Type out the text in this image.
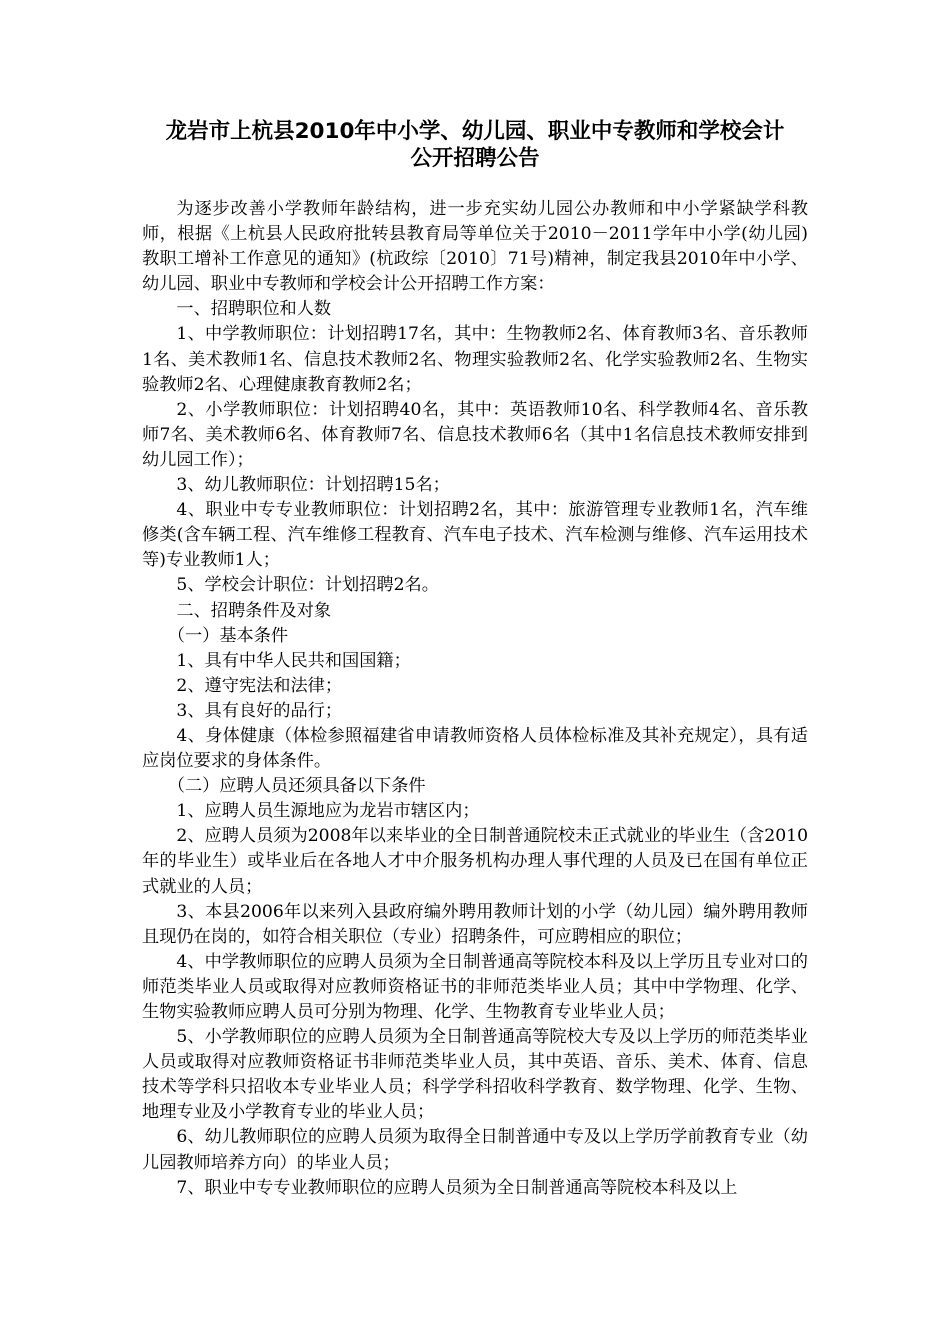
龙岩市上杭县2010年中小学、幼儿园、职业中专教师和学校会计
公开招聘公告

为逐步改善小学教师年龄结构，进一步充实幼儿园公办教师和中小学紧缺学科教师，根据《上杭县人民政府批转县教育局等单位关于2010－2011学年中小学(幼儿园)教职工增补工作意见的通知》(杭政综〔2010〕71号)精神，制定我县2010年中小学、幼儿园、职业中专教师和学校会计公开招聘工作方案：

一、招聘职位和人数

1、中学教师职位：计划招聘17名，其中：生物教师2名、体育教师3名、音乐教师1名、美术教师1名、信息技术教师2名、物理实验教师2名、化学实验教师2名、生物实验教师2名、心理健康教育教师2名；

2、小学教师职位：计划招聘40名，其中：英语教师10名、科学教师4名、音乐教师7名、美术教师6名、体育教师7名、信息技术教师6名（其中1名信息技术教师安排到幼儿园工作）；

3、幼儿教师职位：计划招聘15名；

4、职业中专专业教师职位：计划招聘2名，其中：旅游管理专业教师1名，汽车维修类(含车辆工程、汽车维修工程教育、汽车电子技术、汽车检测与维修、汽车运用技术等)专业教师1人；

5、学校会计职位：计划招聘2名。

二、招聘条件及对象

（一）基本条件

1、具有中华人民共和国国籍；

2、遵守宪法和法律；

3、具有良好的品行；

4、身体健康（体检参照福建省申请教师资格人员体检标准及其补充规定），具有适应岗位要求的身体条件。

（二）应聘人员还须具备以下条件

1、应聘人员生源地应为龙岩市辖区内；

2、应聘人员须为2008年以来毕业的全日制普通院校未正式就业的毕业生（含2010年的毕业生）或毕业后在各地人才中介服务机构办理人事代理的人员及已在国有单位正式就业的人员；

3、本县2006年以来列入县政府编外聘用教师计划的小学（幼儿园）编外聘用教师且现仍在岗的，如符合相关职位（专业）招聘条件，可应聘相应的职位；

4、中学教师职位的应聘人员须为全日制普通高等院校本科及以上学历且专业对口的师范类毕业人员或取得对应教师资格证书的非师范类毕业人员；其中中学物理、化学、生物实验教师应聘人员可分别为物理、化学、生物教育专业毕业人员；

5、小学教师职位的应聘人员须为全日制普通高等院校大专及以上学历的师范类毕业人员或取得对应教师资格证书非师范类毕业人员，其中英语、音乐、美术、体育、信息技术等学科只招收本专业毕业人员；科学学科招收科学教育、数学物理、化学、生物、地理专业及小学教育专业的毕业人员；

6、幼儿教师职位的应聘人员须为取得全日制普通中专及以上学历学前教育专业（幼儿园教师培养方向）的毕业人员；

7、职业中专专业教师职位的应聘人员须为全日制普通高等院校本科及以上
